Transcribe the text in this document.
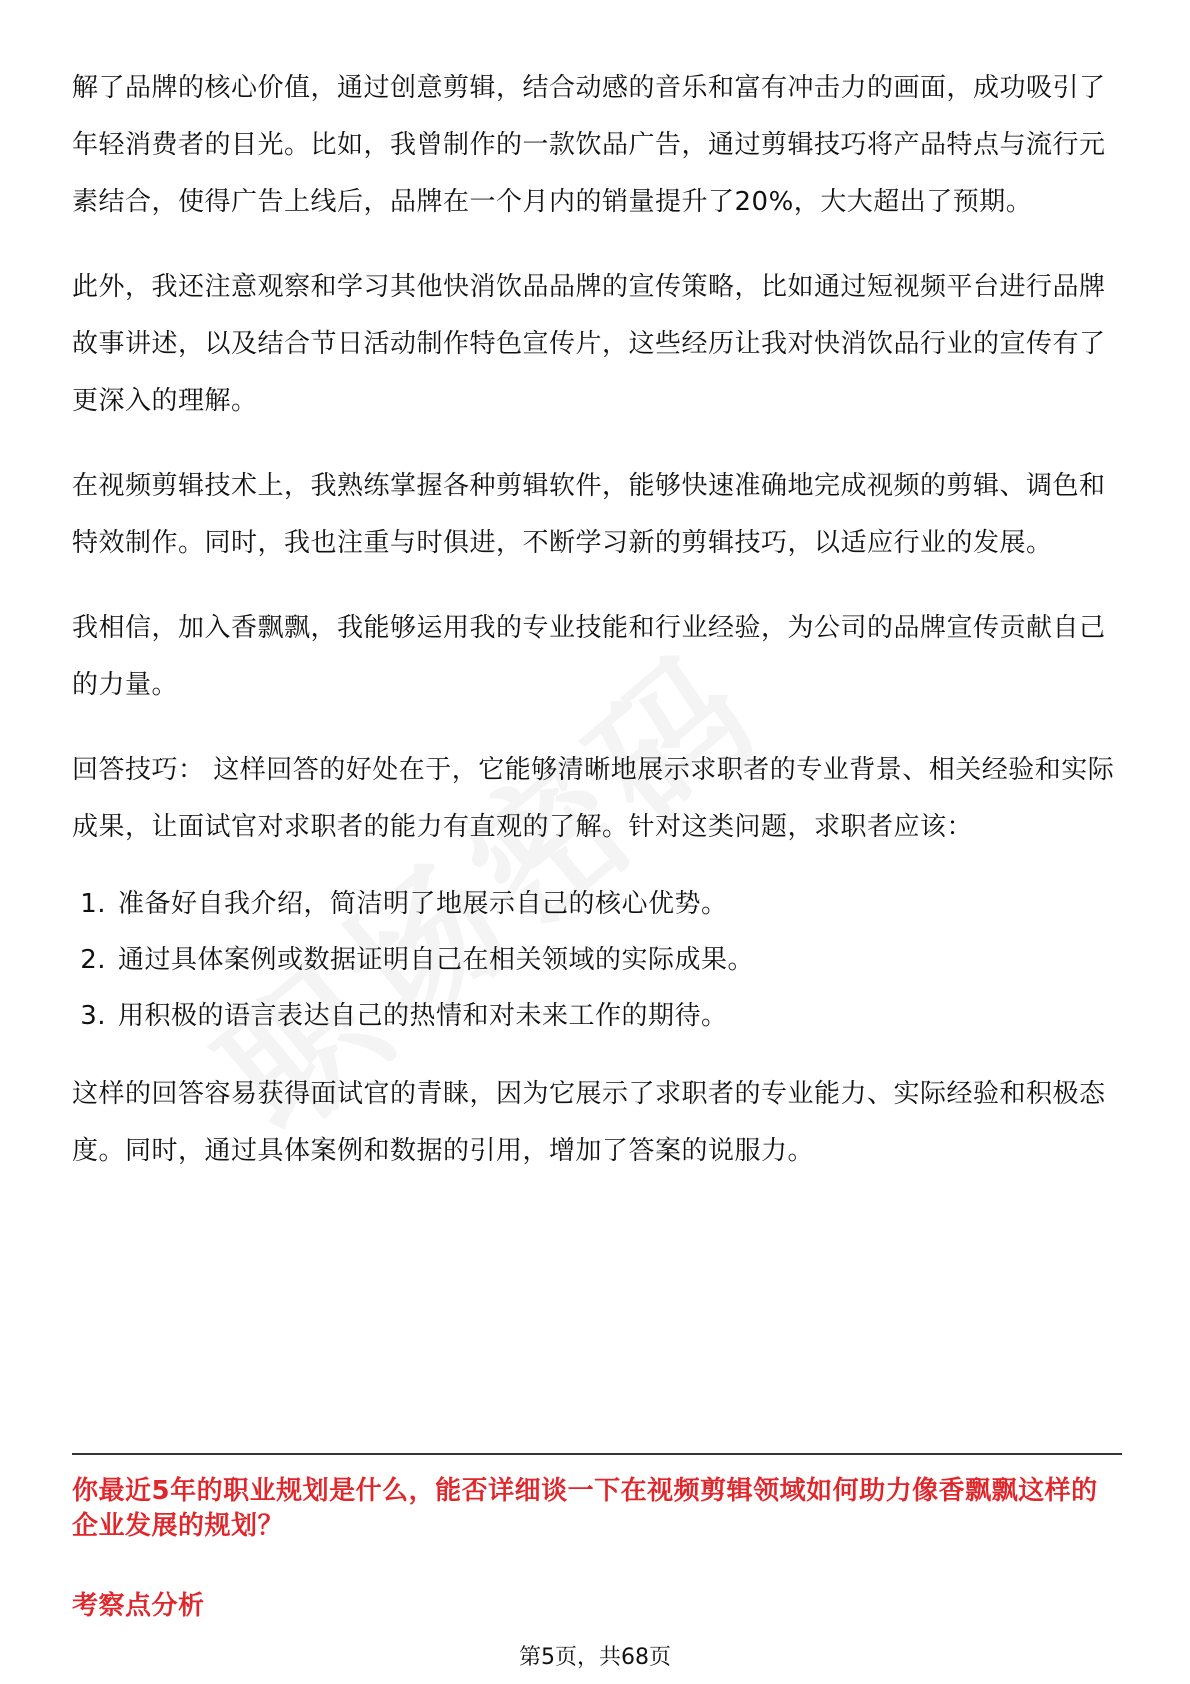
解了品牌的核心价值，通过创意剪辑，结合动感的音乐和富有冲击力的画面，成功吸引了年轻消费者的目光。比如，我曾制作的一款饮品广告，通过剪辑技巧将产品特点与流行元素结合，使得广告上线后，品牌在一个月内的销量提升了20%，大大超出了预期。

此外，我还注意观察和学习其他快消饮品品牌的宣传策略，比如通过短视频平台进行品牌故事讲述，以及结合节日活动制作特色宣传片，这些经历让我对快消饮品行业的宣传有了更深入的理解。

在视频剪辑技术上，我熟练掌握各种剪辑软件，能够快速准确地完成视频的剪辑、调色和特效制作。同时，我也注重与时俱进，不断学习新的剪辑技巧，以适应行业的发展。

我相信，加入香飘飘，我能够运用我的专业技能和行业经验，为公司的品牌宣传贡献自己的力量。

回答技巧： 这样回答的好处在于，它能够清晰地展示求职者的专业背景、相关经验和实际成果，让面试官对求职者的能力有直观的了解。针对这类问题，求职者应该：

1. 准备好自我介绍，简洁明了地展示自己的核心优势。
2. 通过具体案例或数据证明自己在相关领域的实际成果。
3. 用积极的语言表达自己的热情和对未来工作的期待。

这样的回答容易获得面试官的青睐，因为它展示了求职者的专业能力、实际经验和积极态度。同时，通过具体案例和数据的引用，增加了答案的说服力。

你最近5年的职业规划是什么，能否详细谈一下在视频剪辑领域如何助力像香飘飘这样的企业发展的规划？
考察点分析
第5页，共68页
